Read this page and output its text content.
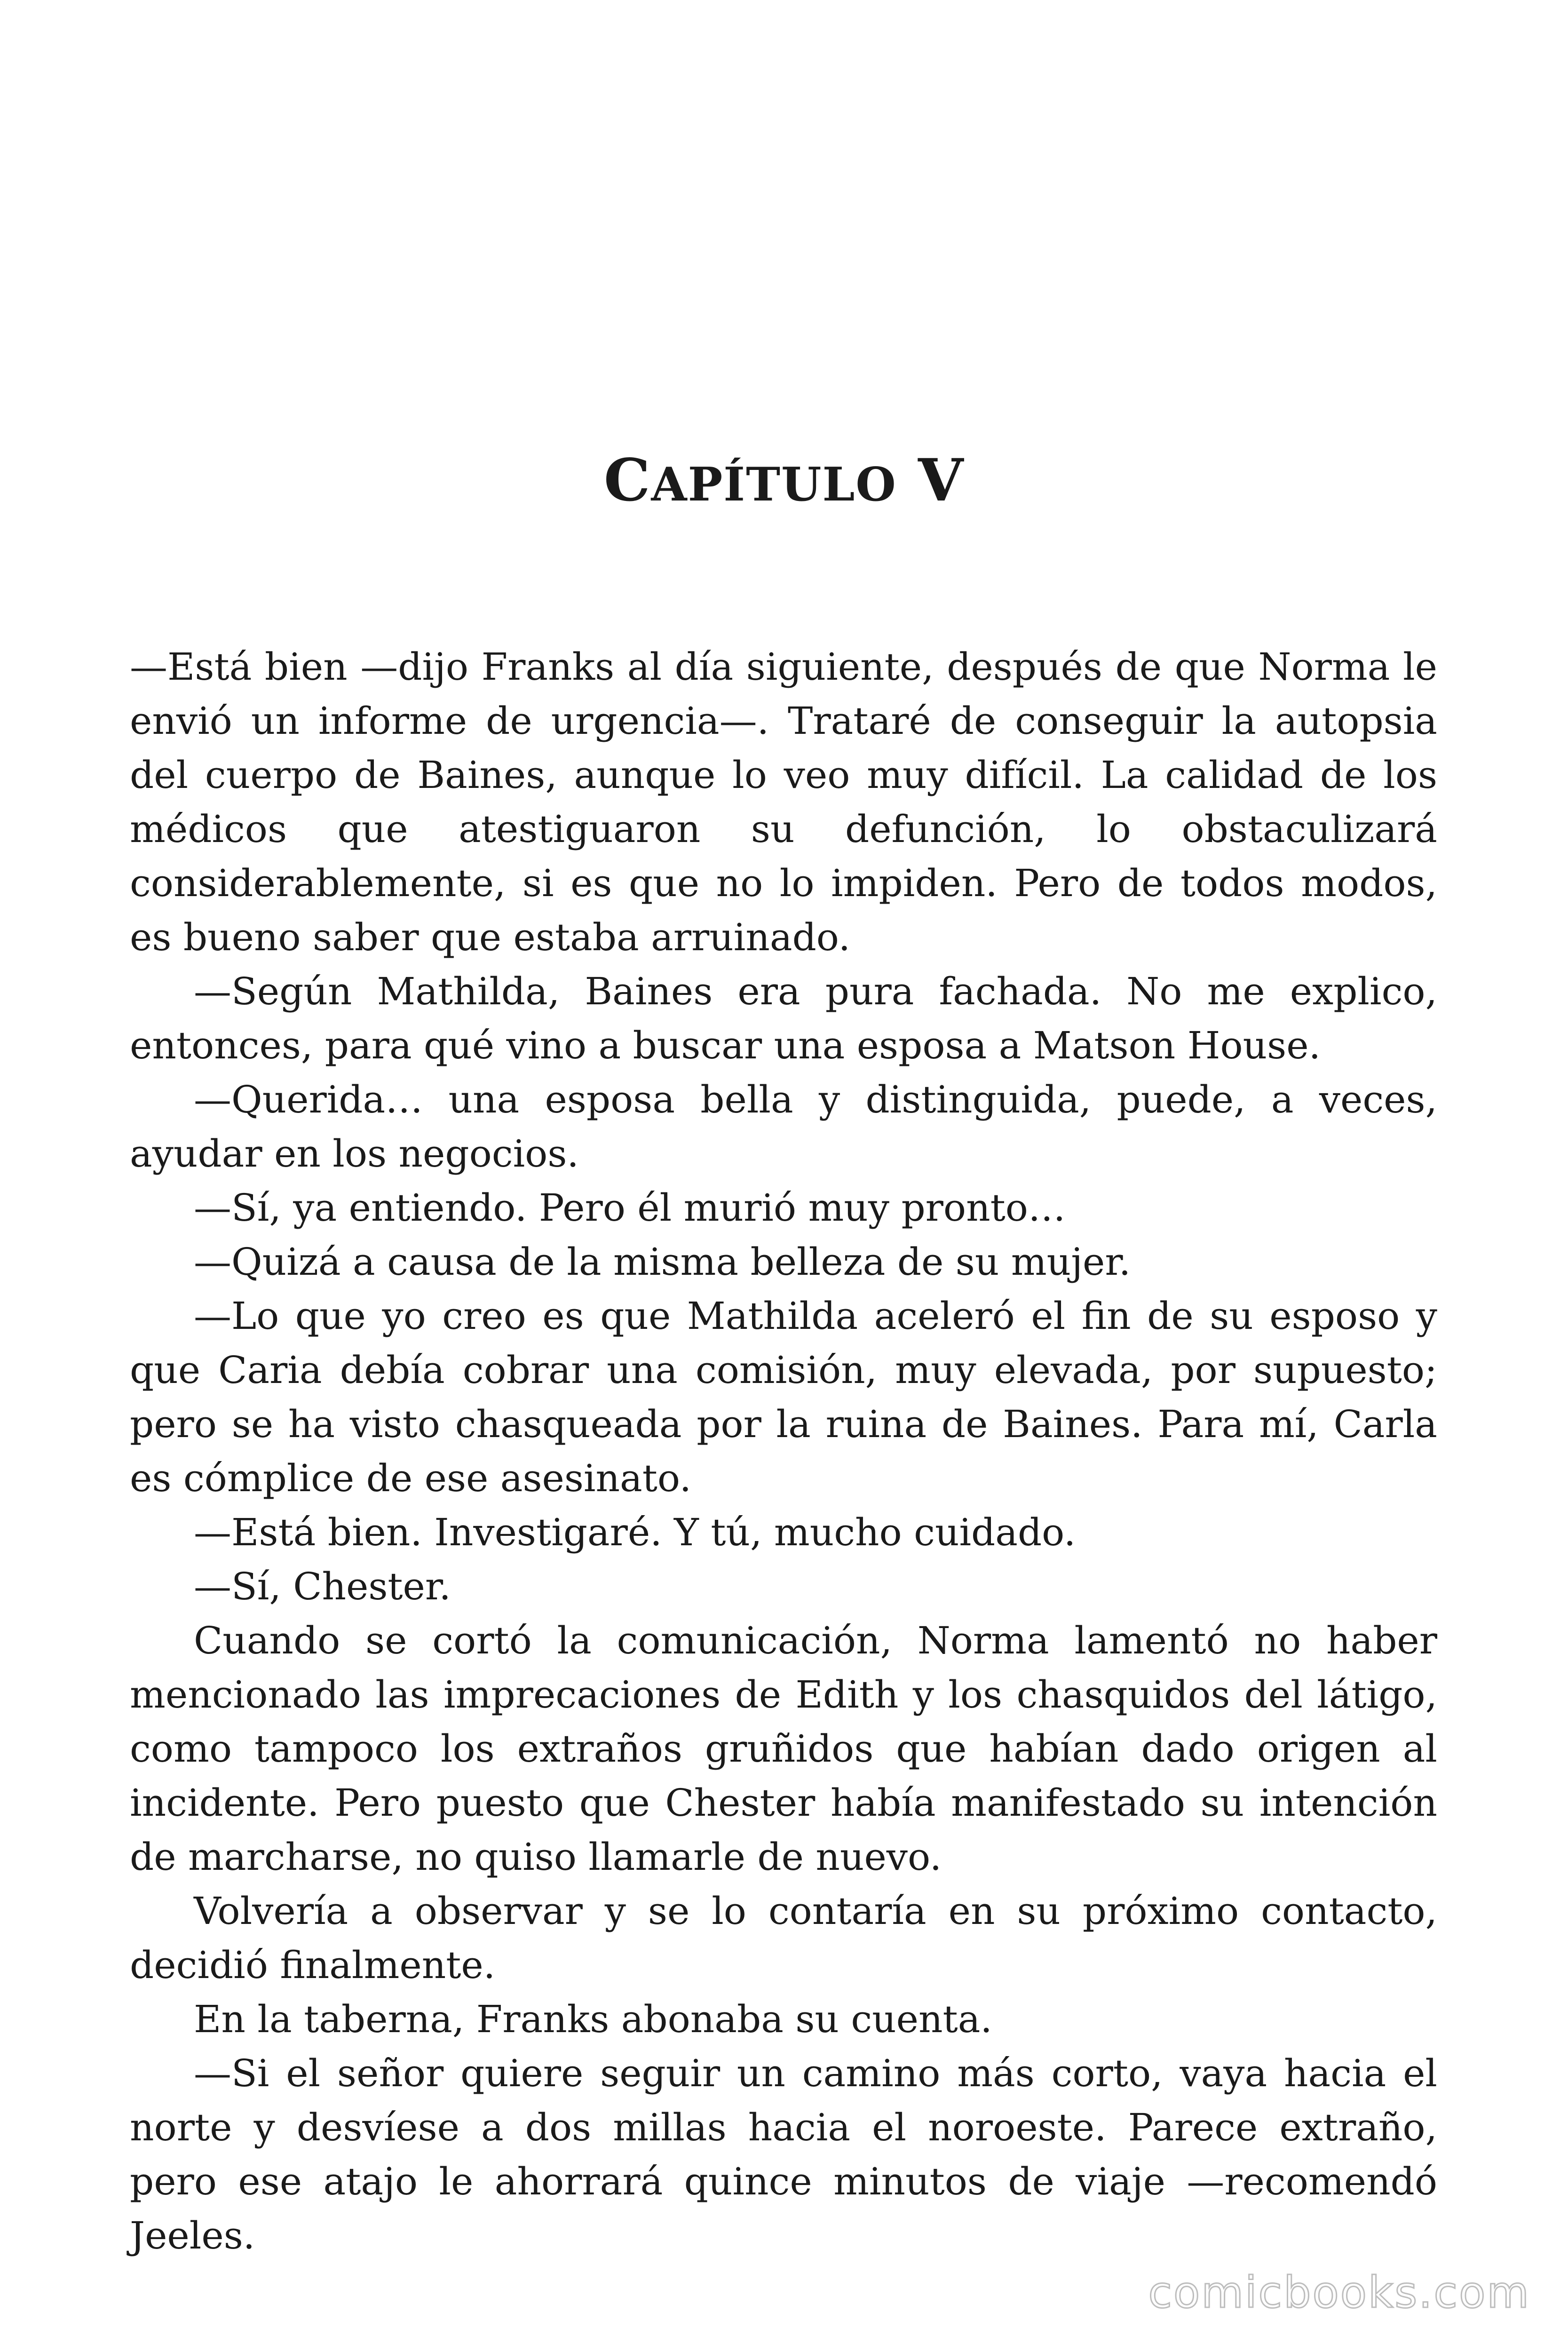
CAPÍTULO V

—Está bien —dijo Franks al día siguiente, después de que Norma le envió un informe de urgencia—. Trataré de conseguir la autopsia del cuerpo de Baines, aunque lo veo muy difícil. La calidad de los médicos que atestiguaron su defunción, lo obstaculizará considerablemente, si es que no lo impiden. Pero de todos modos, es bueno saber que estaba arruinado.

—Según Mathilda, Baines era pura fachada. No me explico, entonces, para qué vino a buscar una esposa a Matson House.

—Querida… una esposa bella y distinguida, puede, a veces, ayudar en los negocios.

—Sí, ya entiendo. Pero él murió muy pronto…

—Quizá a causa de la misma belleza de su mujer.

—Lo que yo creo es que Mathilda aceleró el fin de su esposo y que Caria debía cobrar una comisión, muy elevada, por supuesto; pero se ha visto chasqueada por la ruina de Baines. Para mí, Carla es cómplice de ese asesinato.

—Está bien. Investigaré. Y tú, mucho cuidado.

—Sí, Chester.

Cuando se cortó la comunicación, Norma lamentó no haber mencionado las imprecaciones de Edith y los chasquidos del látigo, como tampoco los extraños gruñidos que habían dado origen al incidente. Pero puesto que Chester había manifestado su intención de marcharse, no quiso llamarle de nuevo.

Volvería a observar y se lo contaría en su próximo contacto, decidió finalmente.

En la taberna, Franks abonaba su cuenta.

—Si el señor quiere seguir un camino más corto, vaya hacia el norte y desvíese a dos millas hacia el noroeste. Parece extraño, pero ese atajo le ahorrará quince minutos de viaje —recomendó Jeeles.

comicbooks.com
